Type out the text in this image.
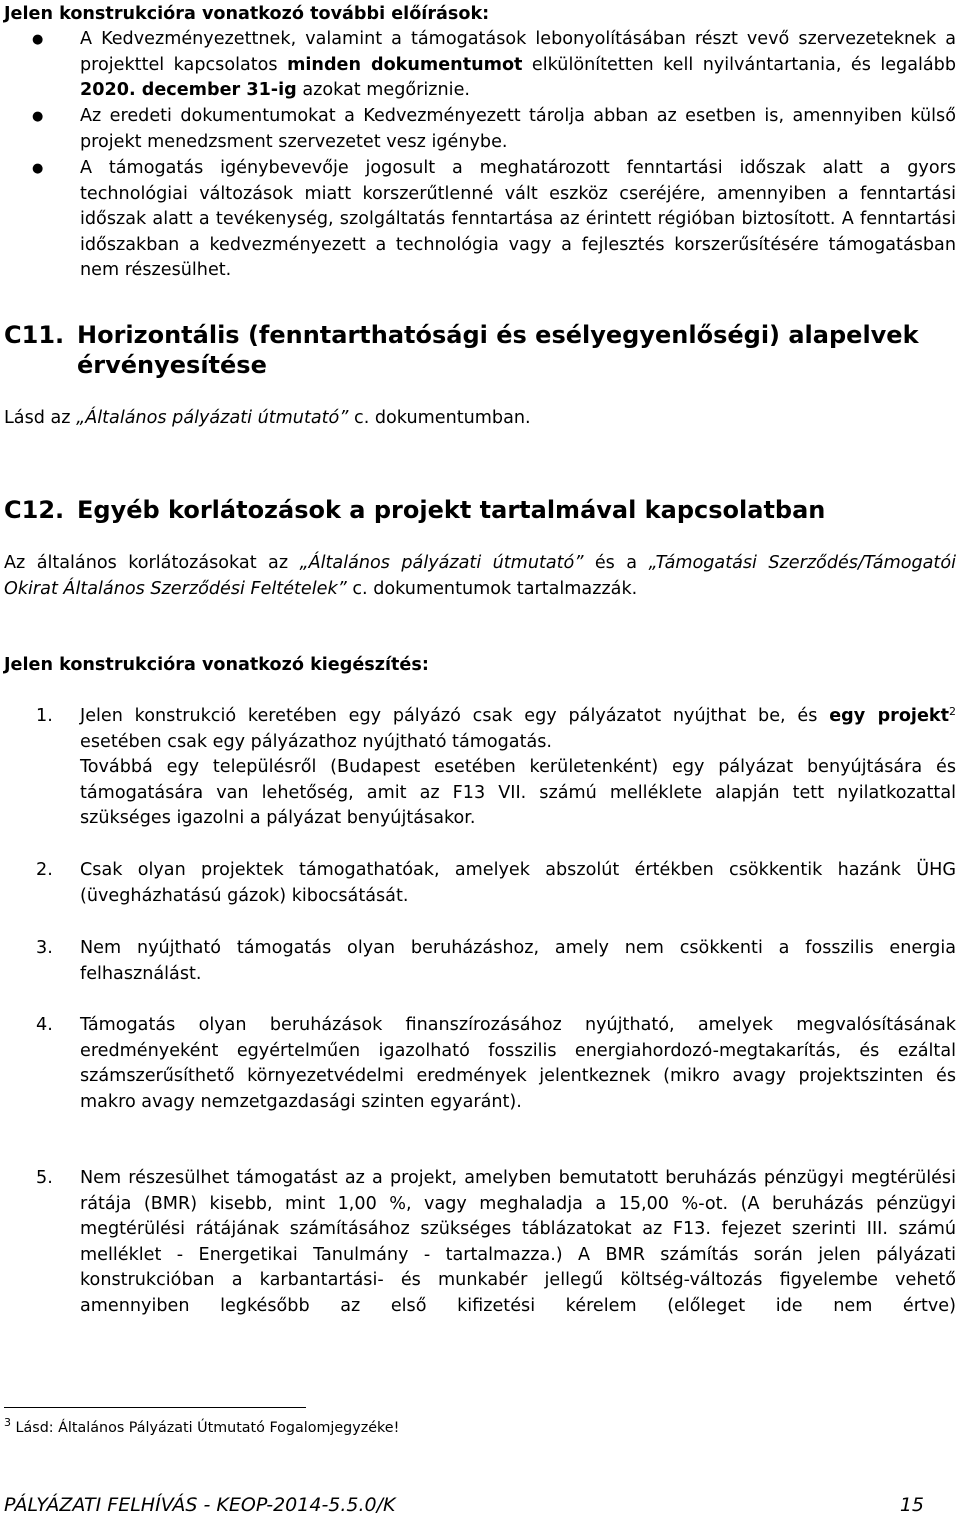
Jelen konstrukcióra vonatkozó további előírások:
● A Kedvezményezettnek, valamint a támogatások lebonyolításában részt vevő szervezeteknek a projekttel kapcsolatos minden dokumentumot elkülönítetten kell nyilvántartania, és legalább 2020. december 31-ig azokat megőriznie.
● Az eredeti dokumentumokat a Kedvezményezett tárolja abban az esetben is, amennyiben külső projekt menedzsment szervezetet vesz igénybe.
● A támogatás igénybevevője jogosult a meghatározott fenntartási időszak alatt a gyors technológiai változások miatt korszerűtlenné vált eszköz cseréjére, amennyiben a fenntartási időszak alatt a tevékenység, szolgáltatás fenntartása az érintett régióban biztosított. A fenntartási időszakban a kedvezményezett a technológia vagy a fejlesztés korszerűsítésére támogatásban nem részesülhet.
C11. Horizontális (fenntarthatósági és esélyegyenlőségi) alapelvek érvényesítése
Lásd az „Általános pályázati útmutató” c. dokumentumban.
C12. Egyéb korlátozások a projekt tartalmával kapcsolatban
Az általános korlátozásokat az „Általános pályázati útmutató” és a „Támogatási Szerződés/Támogatói Okirat Általános Szerződési Feltételek” c. dokumentumok tartalmazzák.
Jelen konstrukcióra vonatkozó kiegészítés:
1. Jelen konstrukció keretében egy pályázó csak egy pályázatot nyújthat be, és egy projekt$^2$ esetében csak egy pályázathoz nyújtható támogatás.

Továbbá egy településről (Budapest esetében kerületenként) egy pályázat benyújtására és támogatására van lehetőség, amit az F13 VII. számú melléklete alapján tett nyilatkozattal szükséges igazolni a pályázat benyújtásakor.

2. Csak olyan projektek támogathatóak, amelyek abszolút értékben csökkentik hazánk ÜHG (üvegházhatású gázok) kibocsátását.
3. Nem nyújtható támogatás olyan beruházáshoz, amely nem csökkenti a fosszilis energia felhasználást.
4. Támogatás olyan beruházások finanszírozásához nyújtható, amelyek megvalósításának eredményeként egyértelműen igazolható fosszilis energiahordozó-megtakarítás, és ezáltal számszerűsíthető környezetvédelmi eredmények jelentkeznek (mikro avagy projektszinten és makro avagy nemzetgazdasági szinten egyaránt).
5. Nem részesülhet támogatást az a projekt, amelyben bemutatott beruházás pénzügyi megtérülési rátája (BMR) kisebb, mint 1,00 %, vagy meghaladja a 15,00 %-ot. (A beruházás pénzügyi megtérülési rátájának számításához szükséges táblázatokat az F13. fejezet szerinti III. számú melléklet - Energetikai Tanulmány - tartalmazza.) A BMR számítás során jelen pályázati konstrukcióban a karbantartási- és munkabér jellegű költség-változás figyelembe vehető amennyiben legkésőbb az első kifizetési kérelem (előleget ide nem értve)
$^3$ Lásd: Általános Pályázati Útmutató Fogalomjegyzéke!
PÁLYÁZATI FELHÍVÁS - KEOP-2014-5.5.0/K	15
